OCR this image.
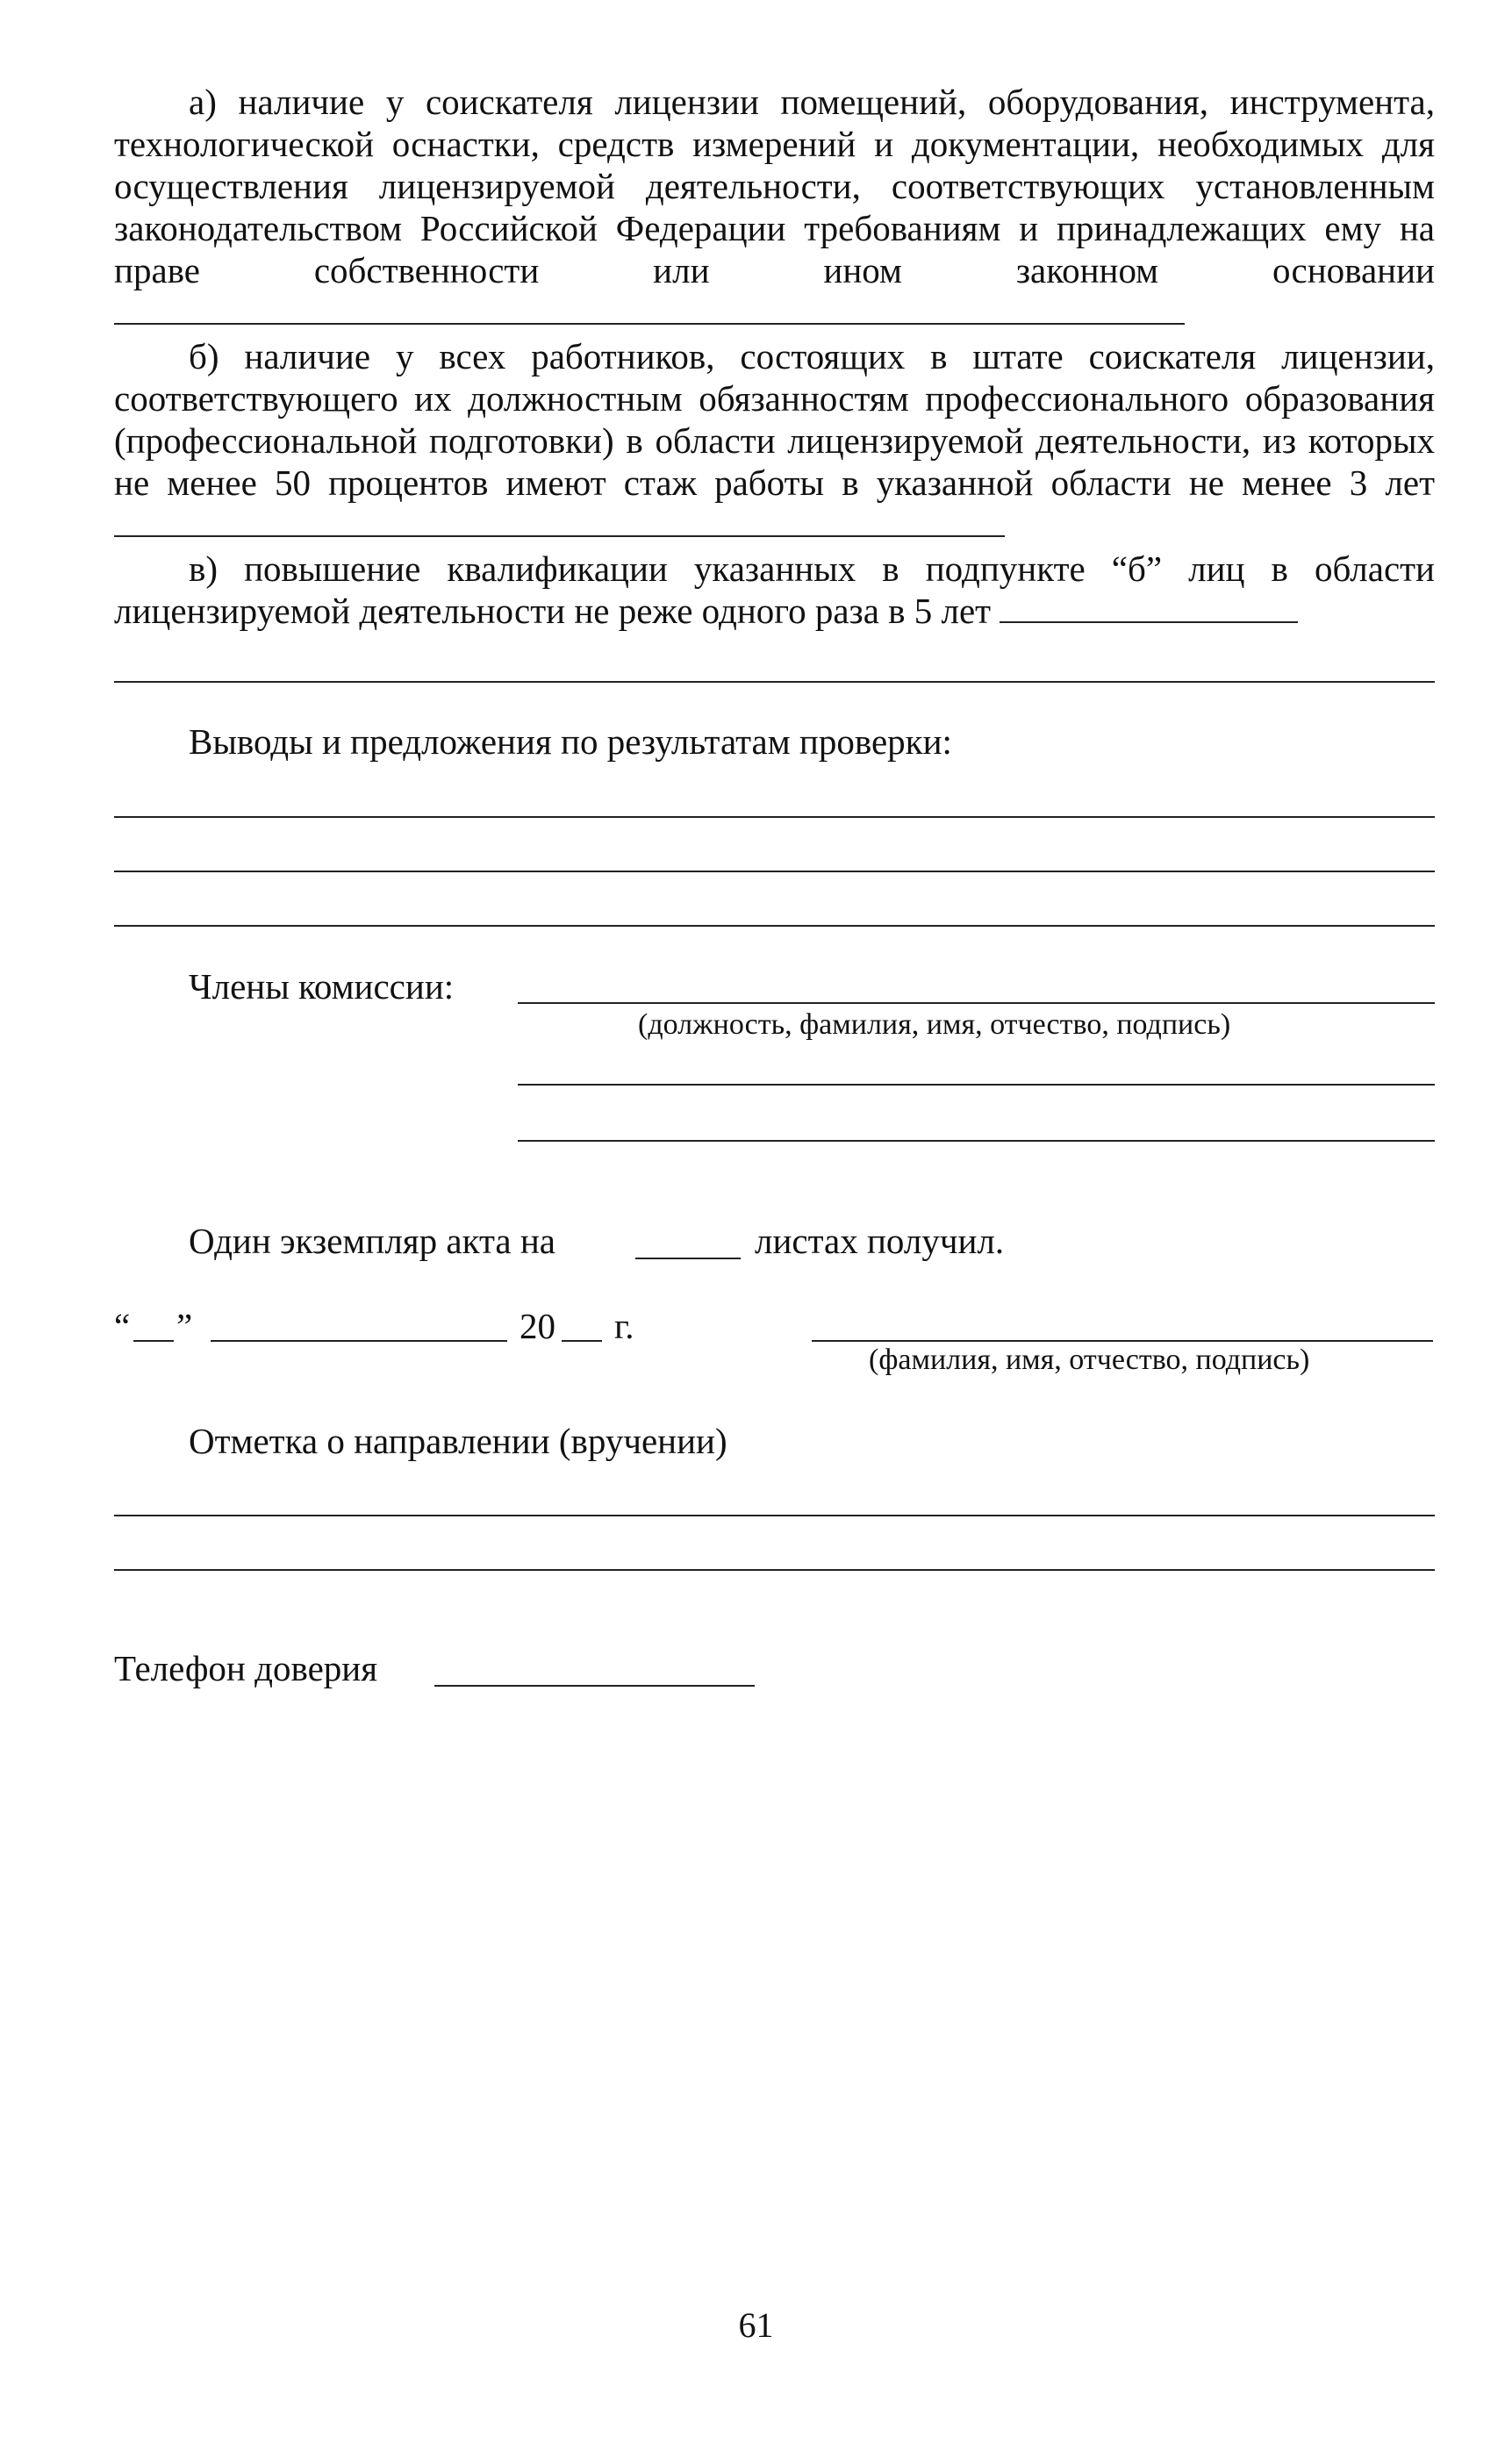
а) наличие у соискателя лицензии помещений, оборудования, инструмента, технологической оснастки, средств измерений и документации, необходимых для осуществления лицензируемой деятельности, соответствующих установленным законодательством Российской Федерации требованиям и принадлежащих ему на праве собственности или ином законном основании
б) наличие у всех работников, состоящих в штате соискателя лицензии, соответствующего их должностным обязанностям профессионального образования (профессиональной подготовки) в области лицензируемой деятельности, из которых не менее 50 процентов имеют стаж работы в указанной области не менее 3 лет
в) повышение квалификации указанных в подпункте “б” лиц в области лицензируемой деятельности не реже одного раза в 5 лет
Выводы и предложения по результатам проверки:
Члены комиссии:
(должность, фамилия, имя, отчество, подпись)
Один экземпляр акта на	листах получил.
“ ”	20 г.
(фамилия, имя, отчество, подпись)
Отметка о направлении (вручении)
Телефон доверия
61
